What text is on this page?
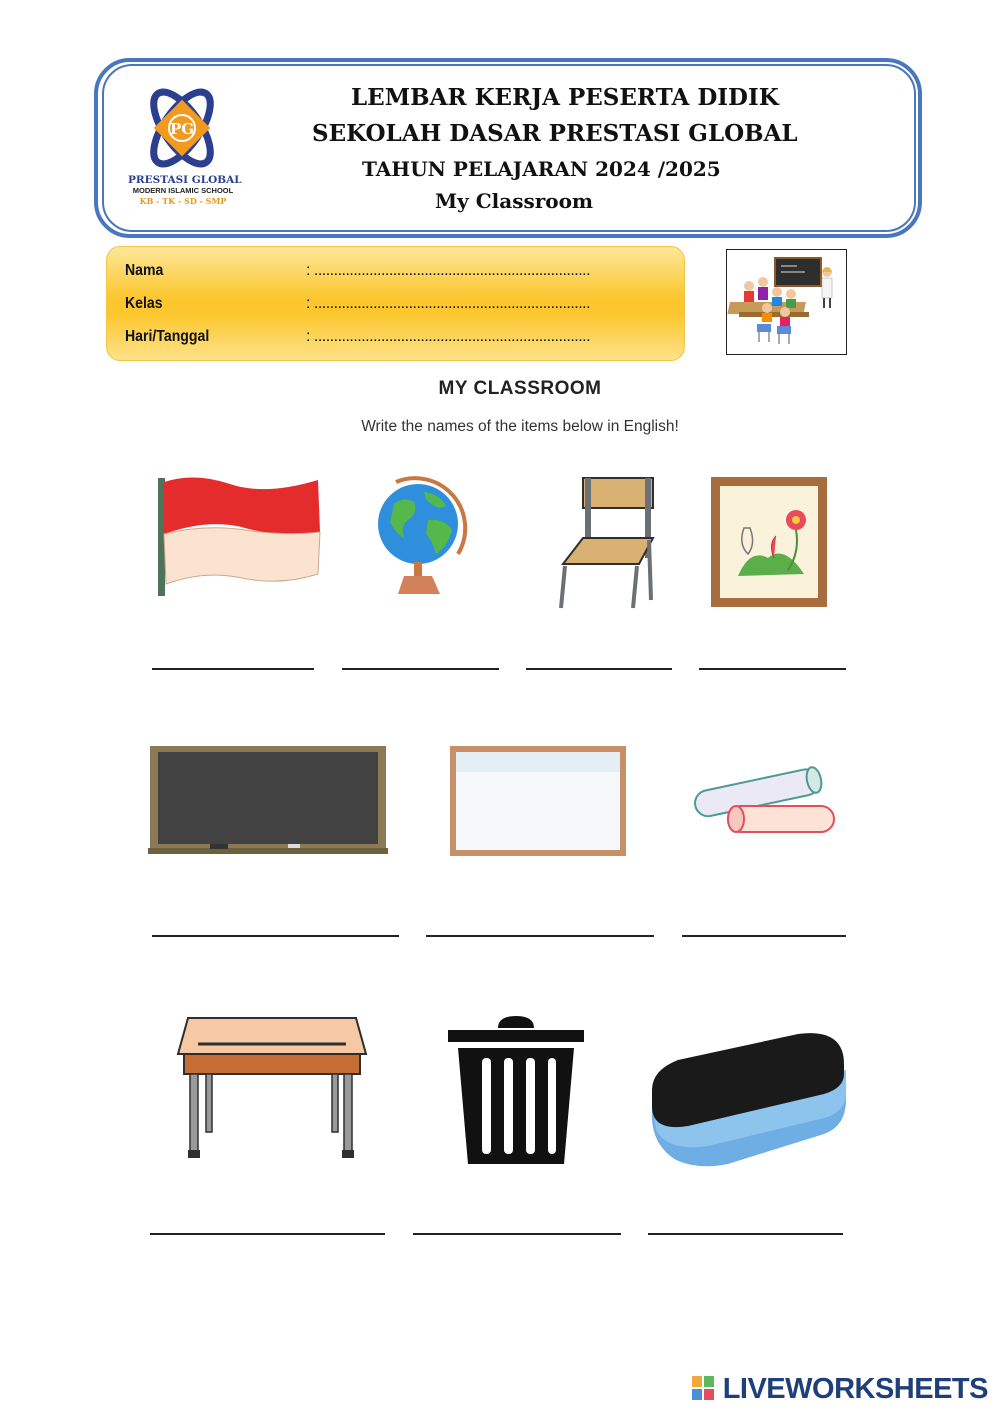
PG
PRESTASI GLOBAL
MODERN ISLAMIC SCHOOL
KB - TK - SD - SMP
LEMBAR KERJA PESERTA DIDIK
SEKOLAH DASAR PRESTASI GLOBAL
TAHUN PELAJARAN 2024 /2025
My Classroom
Nama	: ......................................................................
Kelas	: ......................................................................
Hari/Tanggal	: ......................................................................
MY CLASSROOM
Write the names of the items below in English!
LIVEWORKSHEETS
